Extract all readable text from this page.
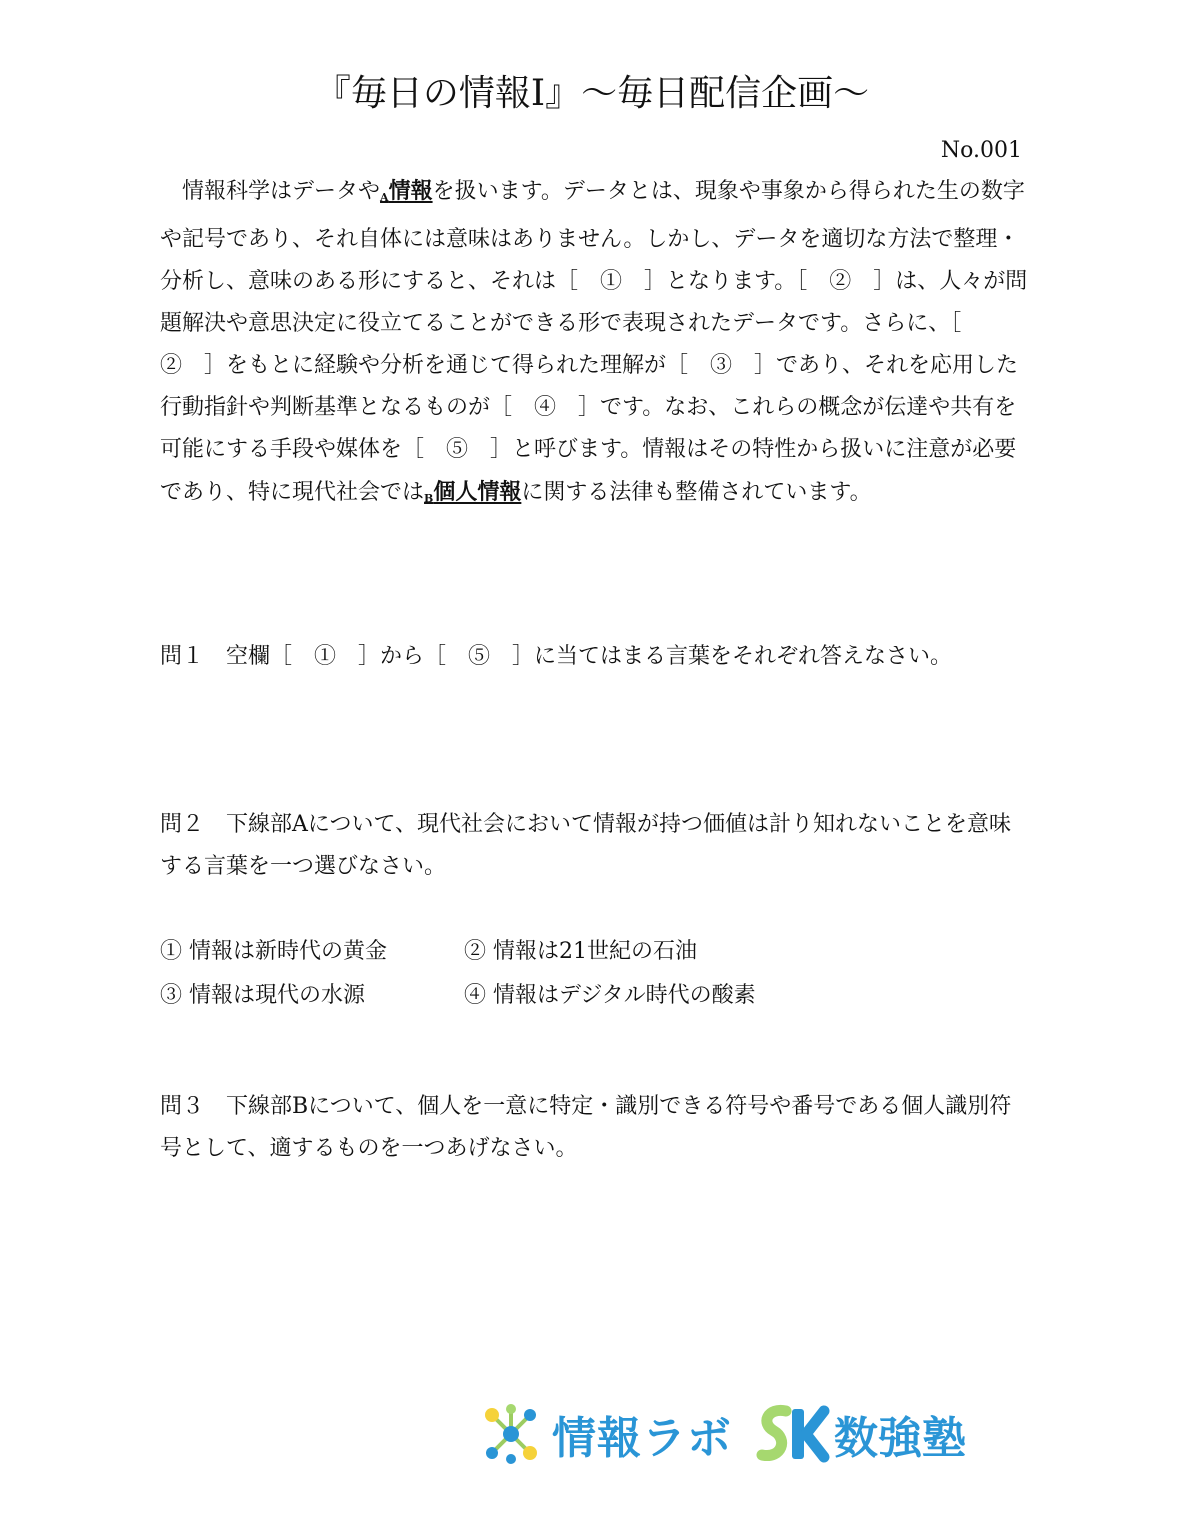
『毎日の情報Ⅰ』〜毎日配信企画〜
No.001

　情報科学はデータや$_A$情報を扱います。データとは、現象や事象から得られた生の数字や記号であり、それ自体には意味はありません。しかし、データを適切な方法で整理・分析し、意味のある形にすると、それは［　①　］となります。［　②　］は、人々が問題解決や意思決定に役立てることができる形で表現されたデータです。さらに、［　②　］をもとに経験や分析を通じて得られた理解が［　③　］であり、それを応用した行動指針や判断基準となるものが［　④　］です。なお、これらの概念が伝達や共有を可能にする手段や媒体を［　⑤　］と呼びます。情報はその特性から扱いに注意が必要であり、特に現代社会では$_B$個人情報に関する法律も整備されています。

問１　空欄［　①　］から［　⑤　］に当てはまる言葉をそれぞれ答えなさい。

問２　下線部Aについて、現代社会において情報が持つ価値は計り知れないことを意味する言葉を一つ選びなさい。

① 情報は新時代の黄金	② 情報は21世紀の石油
③ 情報は現代の水源	④ 情報はデジタル時代の酸素

問３　下線部Bについて、個人を一意に特定・識別できる符号や番号である個人識別符号として、適するものを一つあげなさい。

情報ラボ 数強塾
